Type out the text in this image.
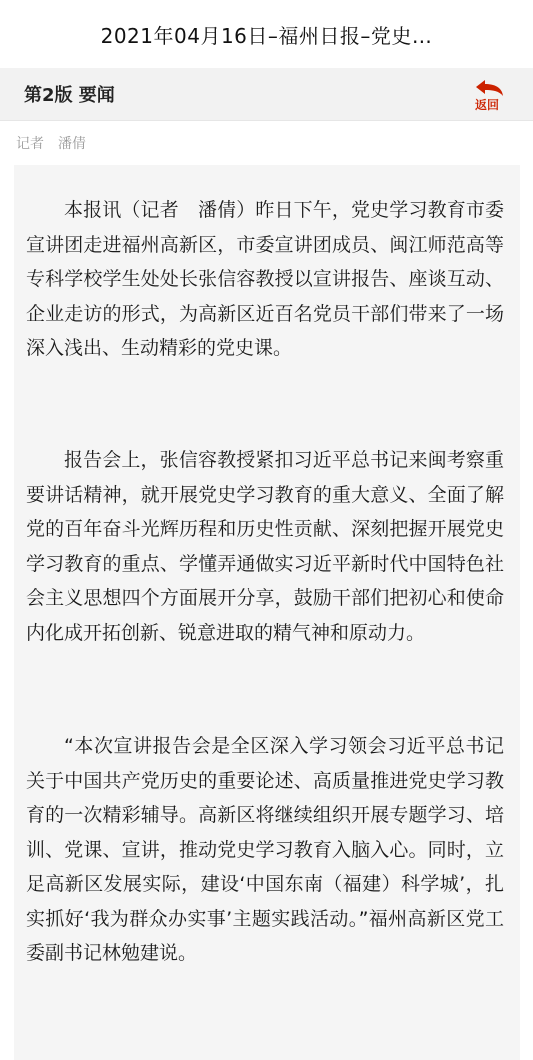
2021年04月16日–福州日报–党史…
第2版 要闻	返回
记者　潘倩

本报讯（记者　潘倩）昨日下午，党史学习教育市委宣讲团走进福州高新区，市委宣讲团成员、闽江师范高等专科学校学生处处长张信容教授以宣讲报告、座谈互动、企业走访的形式，为高新区近百名党员干部们带来了一场深入浅出、生动精彩的党史课。

报告会上，张信容教授紧扣习近平总书记来闽考察重要讲话精神，就开展党史学习教育的重大意义、全面了解党的百年奋斗光辉历程和历史性贡献、深刻把握开展党史学习教育的重点、学懂弄通做实习近平新时代中国特色社会主义思想四个方面展开分享，鼓励干部们把初心和使命内化成开拓创新、锐意进取的精气神和原动力。

“本次宣讲报告会是全区深入学习领会习近平总书记关于中国共产党历史的重要论述、高质量推进党史学习教育的一次精彩辅导。高新区将继续组织开展专题学习、培训、党课、宣讲，推动党史学习教育入脑入心。同时，立足高新区发展实际，建设‘中国东南（福建）科学城’，扎实抓好‘我为群众办实事’主题实践活动。”福州高新区党工委副书记林勉建说。
